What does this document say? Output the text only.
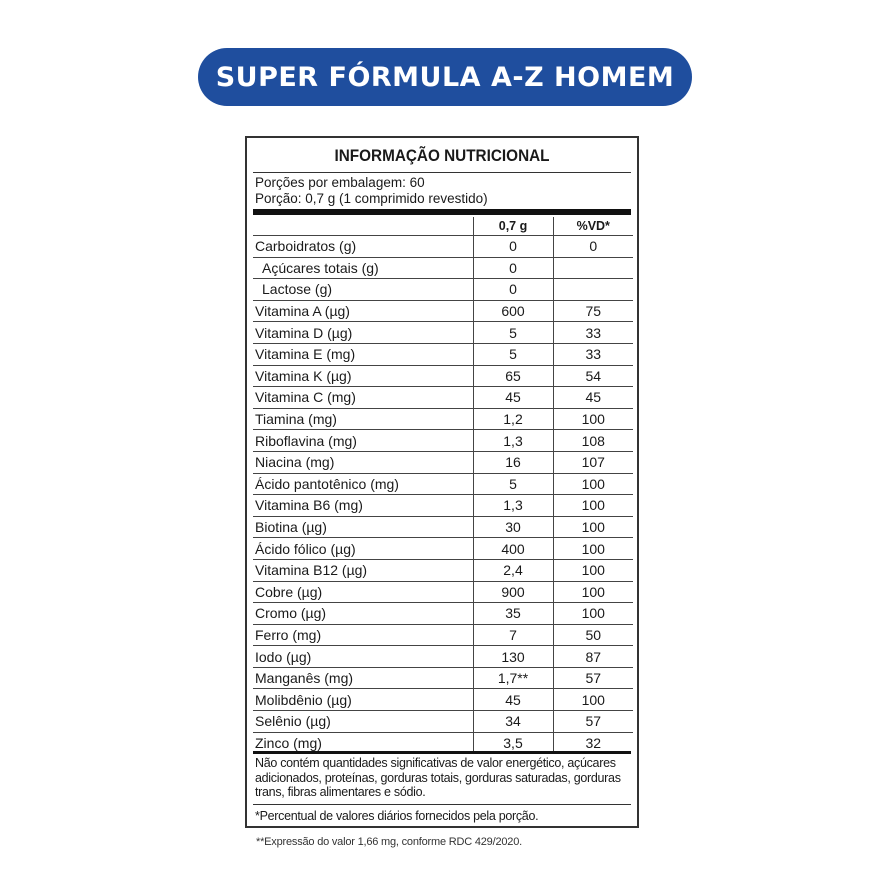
SUPER FÓRMULA A-Z HOMEM
INFORMAÇÃO NUTRICIONAL
Porções por embalagem: 60
Porção: 0,7 g (1 comprimido revestido)
	0,7 g	%VD*
Carboidratos (g)	0	0
Açúcares totais (g)	0	
Lactose (g)	0	
Vitamina A (µg)	600	75
Vitamina D (µg)	5	33
Vitamina E (mg)	5	33
Vitamina K (µg)	65	54
Vitamina C (mg)	45	45
Tiamina (mg)	1,2	100
Riboflavina (mg)	1,3	108
Niacina (mg)	16	107
Ácido pantotênico (mg)	5	100
Vitamina B6 (mg)	1,3	100
Biotina (µg)	30	100
Ácido fólico (µg)	400	100
Vitamina B12 (µg)	2,4	100
Cobre (µg)	900	100
Cromo (µg)	35	100
Ferro (mg)	7	50
Iodo (µg)	130	87
Manganês (mg)	1,7**	57
Molibdênio (µg)	45	100
Selênio (µg)	34	57
Zinco (mg)	3,5	32
Não contém quantidades significativas de valor energético, açúcares adicionados, proteínas, gorduras totais, gorduras saturadas, gorduras trans, fibras alimentares e sódio.
*Percentual de valores diários fornecidos pela porção.
**Expressão do valor 1,66 mg, conforme RDC 429/2020.
